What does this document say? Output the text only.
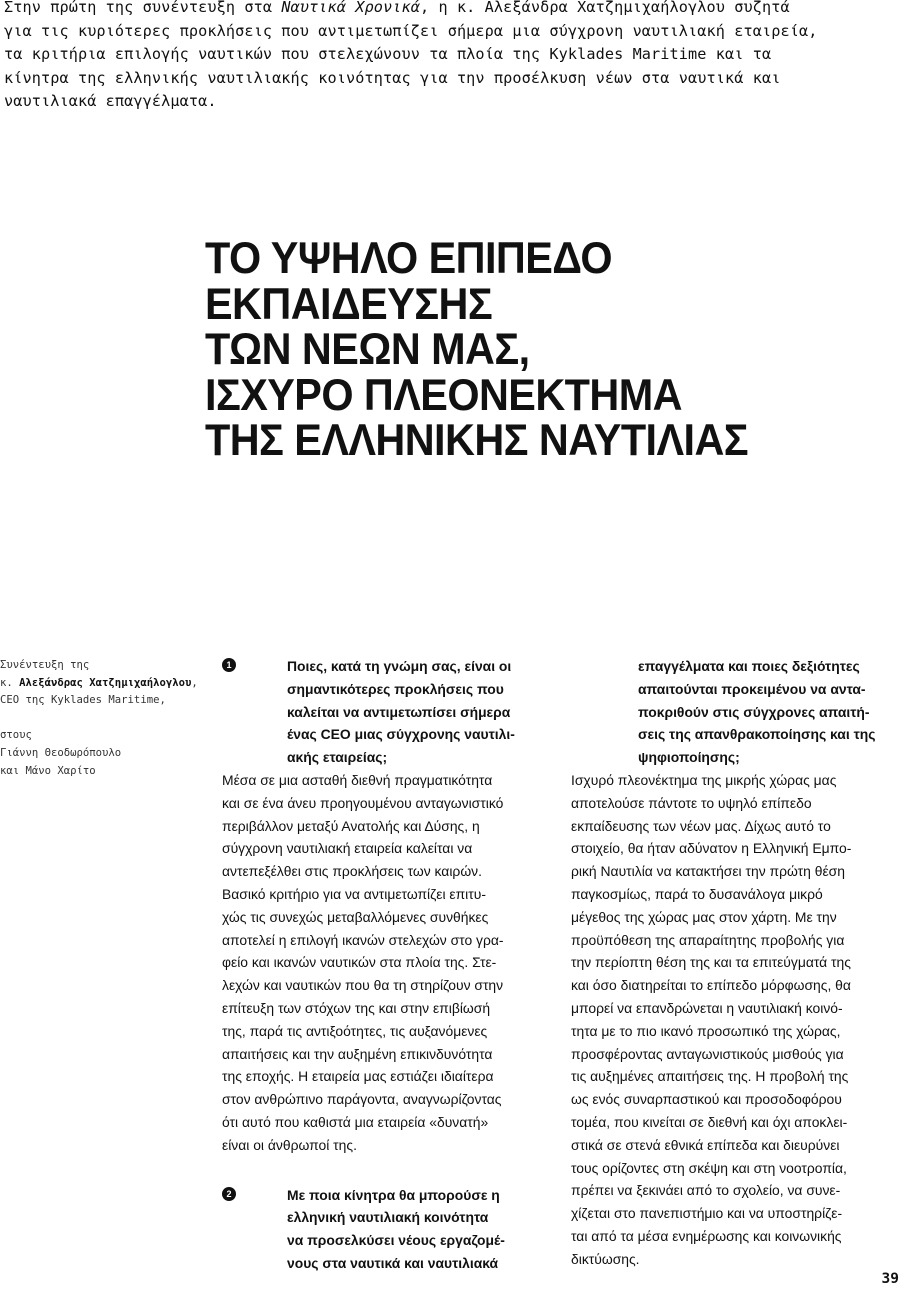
Στην πρώτη της συνέντευξη στα Ναυτικά Χρονικά, η κ. Αλεξάνδρα Χατζημιχαήλογλου συζητά
για τις κυριότερες προκλήσεις που αντιμετωπίζει σήμερα μια σύγχρονη ναυτιλιακή εταιρεία,
τα κριτήρια επιλογής ναυτικών που στελεχώνουν τα πλοία της Kyklades Maritime και τα
κίνητρα της ελληνικής ναυτιλιακής κοινότητας για την προσέλκυση νέων στα ναυτικά και
ναυτιλιακά επαγγέλματα.

ΤΟ ΥΨΗΛΟ ΕΠΙΠΕΔΟ
ΕΚΠΑΙΔΕΥΣΗΣ
ΤΩΝ ΝΕΩΝ ΜΑΣ,
ΙΣΧΥΡΟ ΠΛΕΟΝΕΚΤΗΜΑ
ΤΗΣ ΕΛΛΗΝΙΚΗΣ ΝΑΥΤΙΛΙΑΣ
Συνέντευξη της
κ. Αλεξάνδρας Χατζημιχαήλογλου,
CEO της Kyklades Maritime,

στους
Γιάννη Θεοδωρόπουλο
και Μάνο Χαρίτο
1	Ποιες, κατά τη γνώμη σας, είναι οι
σημαντικότερες προκλήσεις που
καλείται να αντιμετωπίσει σήμερα
ένας CEO μιας σύγχρονης ναυτιλι-
ακής εταιρείας;
Μέσα σε μια ασταθή διεθνή πραγματικότητα
και σε ένα άνευ προηγουμένου ανταγωνιστικό
περιβάλλον μεταξύ Ανατολής και Δύσης, η
σύγχρονη ναυτιλιακή εταιρεία καλείται να
αντεπεξέλθει στις προκλήσεις των καιρών.
Βασικό κριτήριο για να αντιμετωπίζει επιτυ-
χώς τις συνεχώς μεταβαλλόμενες συνθήκες
αποτελεί η επιλογή ικανών στελεχών στο γρα-
φείο και ικανών ναυτικών στα πλοία της. Στε-
λεχών και ναυτικών που θα τη στηρίζουν στην
επίτευξη των στόχων της και στην επιβίωσή
της, παρά τις αντιξοότητες, τις αυξανόμενες
απαιτήσεις και την αυξημένη επικινδυνότητα
της εποχής. Η εταιρεία μας εστιάζει ιδιαίτερα
στον ανθρώπινο παράγοντα, αναγνωρίζοντας
ότι αυτό που καθιστά μια εταιρεία «δυνατή»
είναι οι άνθρωποί της.
2	Με ποια κίνητρα θα μπορούσε η
ελληνική ναυτιλιακή κοινότητα
να προσελκύσει νέους εργαζομέ-
νους στα ναυτικά και ναυτιλιακά
επαγγέλματα και ποιες δεξιότητες
απαιτούνται προκειμένου να αντα-
ποκριθούν στις σύγχρονες απαιτή-
σεις της απανθρακοποίησης και της
ψηφιοποίησης;
Ισχυρό πλεονέκτημα της μικρής χώρας μας
αποτελούσε πάντοτε το υψηλό επίπεδο
εκπαίδευσης των νέων μας. Δίχως αυτό το
στοιχείο, θα ήταν αδύνατον η Ελληνική Εμπο-
ρική Ναυτιλία να κατακτήσει την πρώτη θέση
παγκοσμίως, παρά το δυσανάλογα μικρό
μέγεθος της χώρας μας στον χάρτη. Με την
προϋπόθεση της απαραίτητης προβολής για
την περίοπτη θέση της και τα επιτεύγματά της
και όσο διατηρείται το επίπεδο μόρφωσης, θα
μπορεί να επανδρώνεται η ναυτιλιακή κοινό-
τητα με το πιο ικανό προσωπικό της χώρας,
προσφέροντας ανταγωνιστικούς μισθούς για
τις αυξημένες απαιτήσεις της. Η προβολή της
ως ενός συναρπαστικού και προσοδοφόρου
τομέα, που κινείται σε διεθνή και όχι αποκλει-
στικά σε στενά εθνικά επίπεδα και διευρύνει
τους ορίζοντες στη σκέψη και στη νοοτροπία,
πρέπει να ξεκινάει από το σχολείο, να συνε-
χίζεται στο πανεπιστήμιο και να υποστηρίζε-
ται από τα μέσα ενημέρωσης και κοινωνικής
δικτύωσης.
39
